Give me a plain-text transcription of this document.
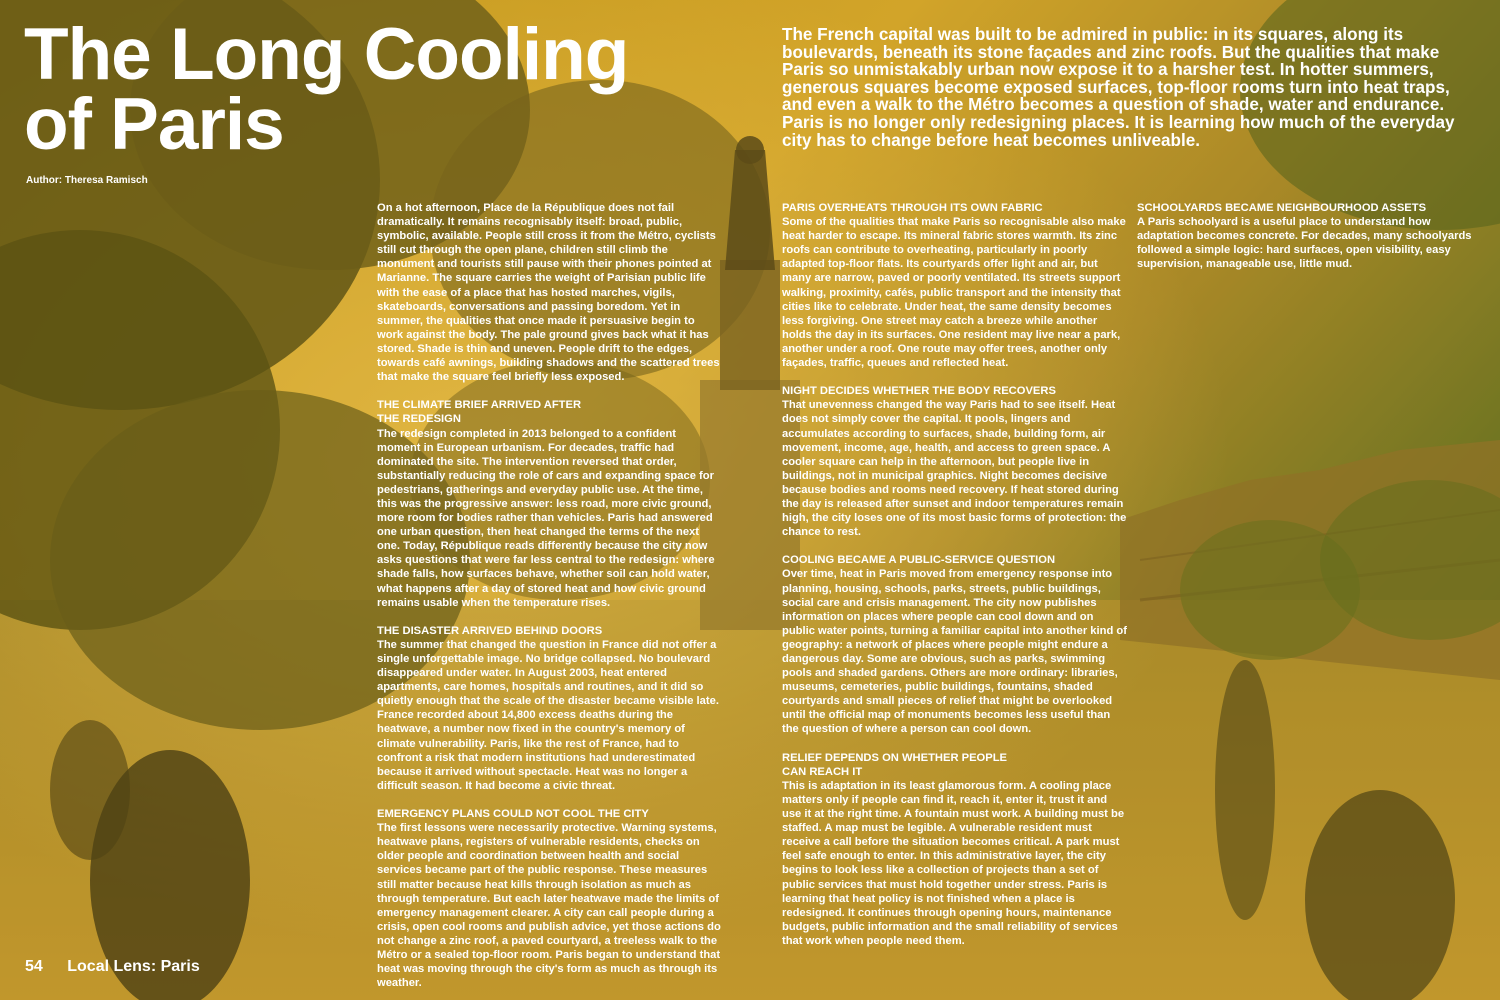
The Long Cooling
of Paris
Author: Theresa Ramisch

The French capital was built to be admired in public: in its squares, along its boulevards, beneath its stone façades and zinc roofs. But the qualities that make Paris so unmistakably urban now expose it to a harsher test. In hotter summers, generous squares become exposed surfaces, top-floor rooms turn into heat traps, and even a walk to the Métro becomes a question of shade, water and endurance. Paris is no longer only redesigning places. It is learning how much of the everyday city has to change before heat becomes unliveable.

On a hot afternoon, Place de la République does not fail dramatically. It remains recognisably itself: broad, public, symbolic, available. People still cross it from the Métro, cyclists still cut through the open plane, children still climb the monument and tourists still pause with their phones pointed at Marianne. The square carries the weight of Parisian public life with the ease of a place that has hosted marches, vigils, skateboards, conversations and passing boredom. Yet in summer, the qualities that once made it persuasive begin to work against the body. The pale ground gives back what it has stored. Shade is thin and uneven. People drift to the edges, towards café awnings, building shadows and the scattered trees that make the square feel briefly less exposed.

THE CLIMATE BRIEF ARRIVED AFTER
THE REDESIGN

The redesign completed in 2013 belonged to a confident moment in European urbanism. For decades, traffic had dominated the site. The intervention reversed that order, substantially reducing the role of cars and expanding space for pedestrians, gatherings and everyday public use. At the time, this was the progressive answer: less road, more civic ground, more room for bodies rather than vehicles. Paris had answered one urban question, then heat changed the terms of the next one. Today, République reads differently because the city now asks questions that were far less central to the redesign: where shade falls, how surfaces behave, whether soil can hold water, what happens after a day of stored heat and how civic ground remains usable when the temperature rises.

THE DISASTER ARRIVED BEHIND DOORS

The summer that changed the question in France did not offer a single unforgettable image. No bridge collapsed. No boulevard disappeared under water. In August 2003, heat entered apartments, care homes, hospitals and routines, and it did so quietly enough that the scale of the disaster became visible late. France recorded about 14,800 excess deaths during the heatwave, a number now fixed in the country's memory of climate vulnerability. Paris, like the rest of France, had to confront a risk that modern institutions had underestimated because it arrived without spectacle. Heat was no longer a difficult season. It had become a civic threat.

EMERGENCY PLANS COULD NOT COOL THE CITY

The first lessons were necessarily protective. Warning systems, heatwave plans, registers of vulnerable residents, checks on older people and coordination between health and social services became part of the public response. These measures still matter because heat kills through isolation as much as through temperature. But each later heatwave made the limits of emergency management clearer. A city can call people during a crisis, open cool rooms and publish advice, yet those actions do not change a zinc roof, a paved courtyard, a treeless walk to the Métro or a sealed top-floor room. Paris began to understand that heat was moving through the city's form as much as through its weather.

PARIS OVERHEATS THROUGH ITS OWN FABRIC

Some of the qualities that make Paris so recognisable also make heat harder to escape. Its mineral fabric stores warmth. Its zinc roofs can contribute to overheating, particularly in poorly adapted top-floor flats. Its courtyards offer light and air, but many are narrow, paved or poorly ventilated. Its streets support walking, proximity, cafés, public transport and the intensity that cities like to celebrate. Under heat, the same density becomes less forgiving. One street may catch a breeze while another holds the day in its surfaces. One resident may live near a park, another under a roof. One route may offer trees, another only façades, traffic, queues and reflected heat.

NIGHT DECIDES WHETHER THE BODY RECOVERS

That unevenness changed the way Paris had to see itself. Heat does not simply cover the capital. It pools, lingers and accumulates according to surfaces, shade, building form, air movement, income, age, health, and access to green space. A cooler square can help in the afternoon, but people live in buildings, not in municipal graphics. Night becomes decisive because bodies and rooms need recovery. If heat stored during the day is released after sunset and indoor temperatures remain high, the city loses one of its most basic forms of protection: the chance to rest.

COOLING BECAME A PUBLIC-SERVICE QUESTION

Over time, heat in Paris moved from emergency response into planning, housing, schools, parks, streets, public buildings, social care and crisis management. The city now publishes information on places where people can cool down and on public water points, turning a familiar capital into another kind of geography: a network of places where people might endure a dangerous day. Some are obvious, such as parks, swimming pools and shaded gardens. Others are more ordinary: libraries, museums, cemeteries, public buildings, fountains, shaded courtyards and small pieces of relief that might be overlooked until the official map of monuments becomes less useful than the question of where a person can cool down.

RELIEF DEPENDS ON WHETHER PEOPLE
CAN REACH IT

This is adaptation in its least glamorous form. A cooling place matters only if people can find it, reach it, enter it, trust it and use it at the right time. A fountain must work. A building must be staffed. A map must be legible. A vulnerable resident must receive a call before the situation becomes critical. A park must feel safe enough to enter. In this administrative layer, the city begins to look less like a collection of projects than a set of public services that must hold together under stress. Paris is learning that heat policy is not finished when a place is redesigned. It continues through opening hours, maintenance budgets, public information and the small reliability of services that work when people need them.

SCHOOLYARDS BECAME NEIGHBOURHOOD ASSETS

A Paris schoolyard is a useful place to understand how adaptation becomes concrete. For decades, many schoolyards followed a simple logic: hard surfaces, open visibility, easy supervision, manageable use, little mud.

54 Local Lens: Paris
